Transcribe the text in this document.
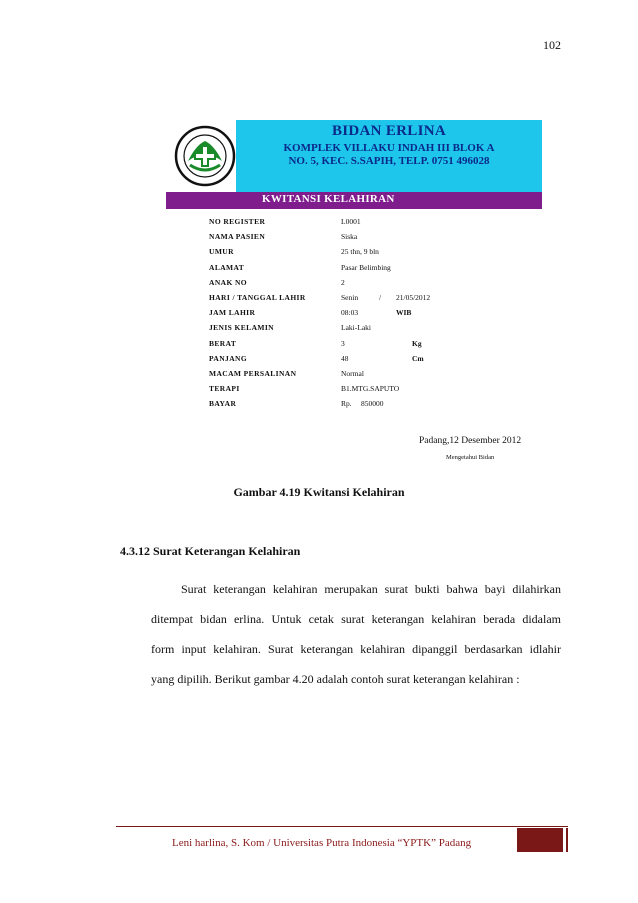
102
BIDAN ERLINA
KOMPLEK VILLAKU INDAH III BLOK A
NO. 5, KEC. S.SAPIH, TELP. 0751 496028
KWITANSI KELAHIRAN
NO REGISTER	L0001
NAMA PASIEN	Siska
UMUR	25 thn, 9 bln
ALAMAT	Pasar Belimbing
ANAK NO	2
HARI / TANGGAL LAHIR	Senin	/ 21/05/2012
JAM LAHIR	08:03	WIB
JENIS KELAMIN	Laki-Laki
BERAT	3	Kg
PANJANG	48	Cm
MACAM PERSALINAN	Normal
TERAPI	B1.MTG.SAPUTO
BAYAR	Rp.     850000
Padang,12 Desember 2012
Mengetahui Bidan
Gambar 4.19 Kwitansi Kelahiran
4.3.12 Surat Keterangan Kelahiran
Surat keterangan kelahiran merupakan surat bukti bahwa bayi dilahirkan
ditempat bidan erlina. Untuk cetak surat keterangan kelahiran berada didalam
form input kelahiran. Surat keterangan kelahiran dipanggil berdasarkan idlahir
yang dipilih. Berikut gambar 4.20 adalah contoh surat keterangan kelahiran :
Leni harlina, S. Kom / Universitas Putra Indonesia “YPTK” Padang
